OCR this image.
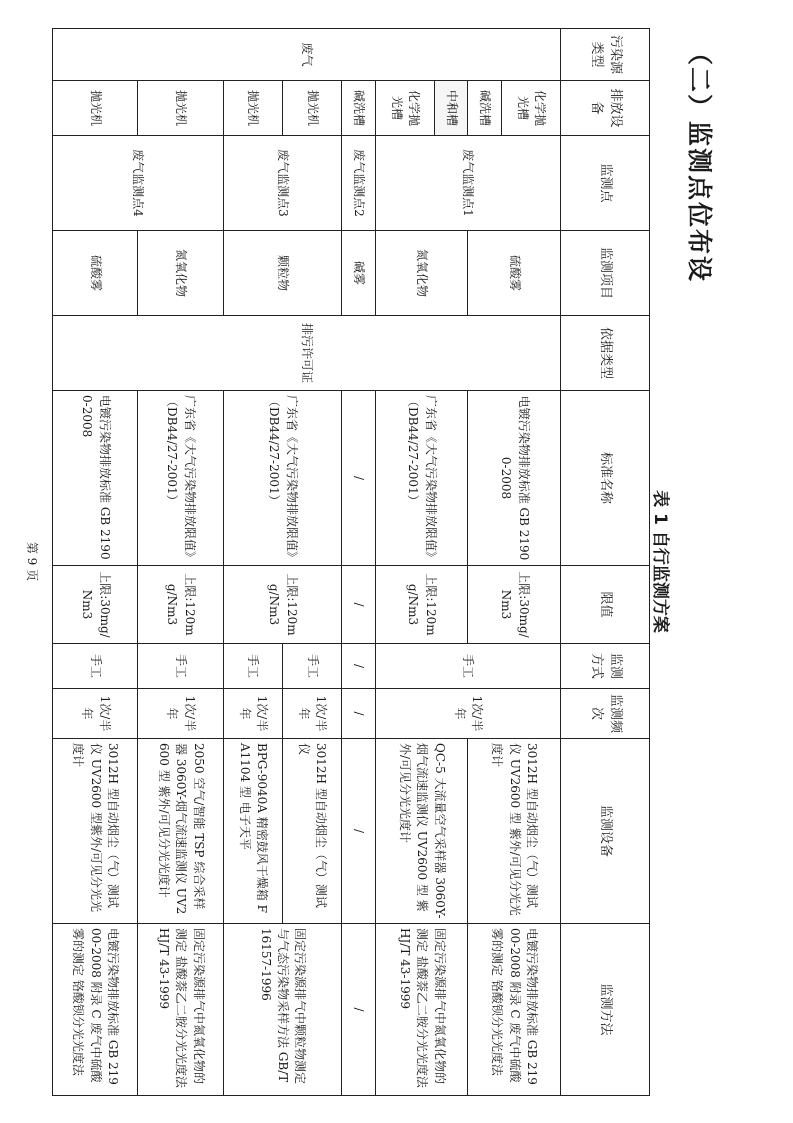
（二）监测点位布设
表 1 自行监测方案
污染源类型	排放设备	监测点	监测项目	依据类型	标准名称	限值	监测方式	监测频次	监测设备	监测方法
废气	化学抛光槽	废气监测点1	硫酸雾	排污许可证	电镀污染物排放标准 GB 21900-2008	上限:30mg/Nm3	手工	1次/半年	3012H 型自动烟尘（气）测试仪 UV2600 型 紫外/可见分光光度计	电镀污染物排放标准 GB 21900-2008 附录 C 废气中硫酸雾的测定 铬酸钡分光光度法
	碱洗槽									
	中和槽		氮氧化物		广东省《大气污染物排放限值》（DB44/27-2001）	上限:120mg/Nm3			QC-5 大流量空气采样器 3060Y-烟气流速监测仪 UV2600 型 紫外/可见分光光度计	固定污染源排气中氮氧化物的测定 盐酸萘乙二胺分光光度法 HJ/T 43-1999
	化学抛光槽									
	碱洗槽	废气监测点2	碱雾		/	/	/	/	/	/
	抛光机	废气监测点3	颗粒物		广东省《大气污染物排放限值》（DB44/27-2001）	上限:120mg/Nm3	手工	1次/半年	3012H 型自动烟尘（气）测试仪	固定污染源排气中颗粒物测定与气态污染物采样方法 GB/T 16157-1996
	抛光机						手工	1次/半年	BPG-9040A 精密鼓风干燥箱 FA1104 型 电子天平	
	抛光机	废气监测点4	氮氧化物		广东省《大气污染物排放限值》（DB44/27-2001）	上限:120mg/Nm3	手工	1次/半年	2050 空气/智能 TSP 综合采样器 3060Y-烟气流速监测仪 UV2600 型 紫外/可见分光光度计	固定污染源排气中氮氧化物的测定 盐酸萘乙二胺分光光度法 HJ/T 43-1999
	抛光机		硫酸雾		电镀污染物排放标准 GB 21900-2008	上限:30mg/Nm3	手工	1次/半年	3012H 型自动烟尘（气）测试仪 UV2600 型紫外/可见分光光度计	电镀污染物排放标准 GB 21900-2008 附录 C 废气中硫酸雾的测定 铬酸钡分光光度法
第 9 页
